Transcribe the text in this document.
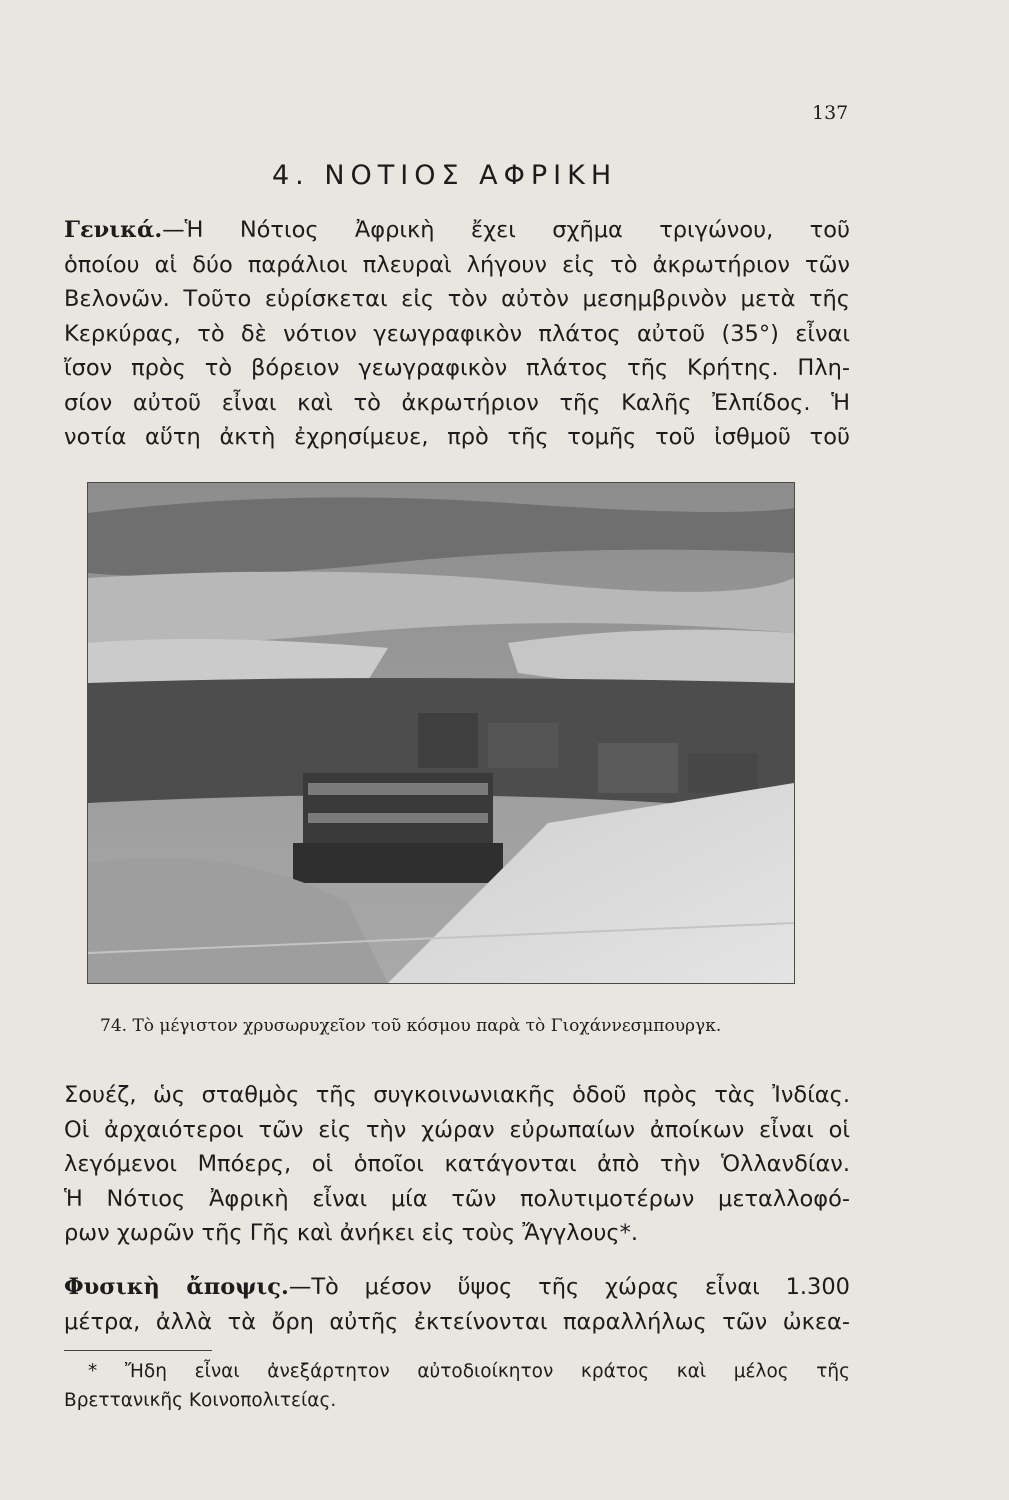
137
4. ΝΟΤΙΟΣ ΑΦΡΙΚΗ
Γενικά.—Ἡ Νότιος Ἀφρικὴ ἔχει σχῆμα τριγώνου, τοῦ
ὁποίου αἱ δύο παράλιοι πλευραὶ λήγουν εἰς τὸ ἀκρωτήριον τῶν
Βελονῶν. Τοῦτο εὑρίσκεται εἰς τὸν αὐτὸν μεσημβρινὸν μετὰ τῆς
Κερκύρας, τὸ δὲ νότιον γεωγραφικὸν πλάτος αὐτοῦ (35°) εἶναι
ἴσον πρὸς τὸ βόρειον γεωγραφικὸν πλάτος τῆς Κρήτης. Πλη-
σίον αὐτοῦ εἶναι καὶ τὸ ἀκρωτήριον τῆς Καλῆς Ἐλπίδος. Ἡ
νοτία αὕτη ἀκτὴ ἐχρησίμευε, πρὸ τῆς τομῆς τοῦ ἰσθμοῦ τοῦ
74. Τὸ μέγιστον χρυσωρυχεῖον τοῦ κόσμου παρὰ τὸ Γιοχάννεσμπουργκ.
Σουέζ, ὡς σταθμὸς τῆς συγκοινωνιακῆς ὁδοῦ πρὸς τὰς Ἰνδίας.
Οἱ ἀρχαιότεροι τῶν εἰς τὴν χώραν εὐρωπαίων ἀποίκων εἶναι οἱ
λεγόμενοι Μπόερς, οἱ ὁποῖοι κατάγονται ἀπὸ τὴν Ὁλλανδίαν.
Ἡ Νότιος Ἀφρικὴ εἶναι μία τῶν πολυτιμοτέρων μεταλλοφό-
ρων χωρῶν τῆς Γῆς καὶ ἀνήκει εἰς τοὺς Ἄγγλους*.
Φυσικὴ ἄποψις.—Τὸ μέσον ὕψος τῆς χώρας εἶναι 1.300
μέτρα, ἀλλὰ τὰ ὄρη αὐτῆς ἐκτείνονται παραλλήλως τῶν ὠκεα-
* Ἤδη εἶναι ἀνεξάρτητον αὐτοδιοίκητον κράτος καὶ μέλος τῆς
Βρεττανικῆς Κοινοπολιτείας.
